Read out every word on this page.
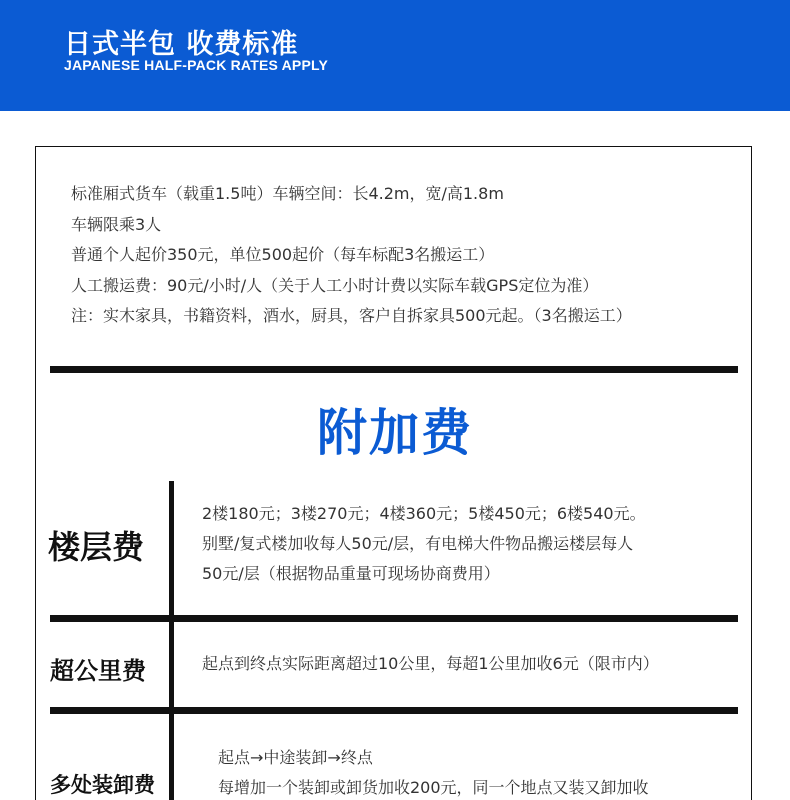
日式半包 收费标准
JAPANESE HALF-PACK RATES APPLY
标准厢式货车（载重1.5吨）车辆空间：长4.2m，宽/高1.8m
车辆限乘3人
普通个人起价350元，单位500起价（每车标配3名搬运工）
人工搬运费：90元/小时/人（关于人工小时计费以实际车载GPS定位为准）
注：实木家具，书籍资料，酒水，厨具，客户自拆家具500元起。（3名搬运工）
附加费
楼层费
2楼180元；3楼270元；4楼360元；5楼450元；6楼540元。
别墅/复式楼加收每人50元/层，有电梯大件物品搬运楼层每人
50元/层（根据物品重量可现场协商费用）
超公里费	起点到终点实际距离超过10公里，每超1公里加收6元（限市内）
多处装卸费
起点→中途装卸→终点
每增加一个装卸或卸货加收200元，同一个地点又装又卸加收
